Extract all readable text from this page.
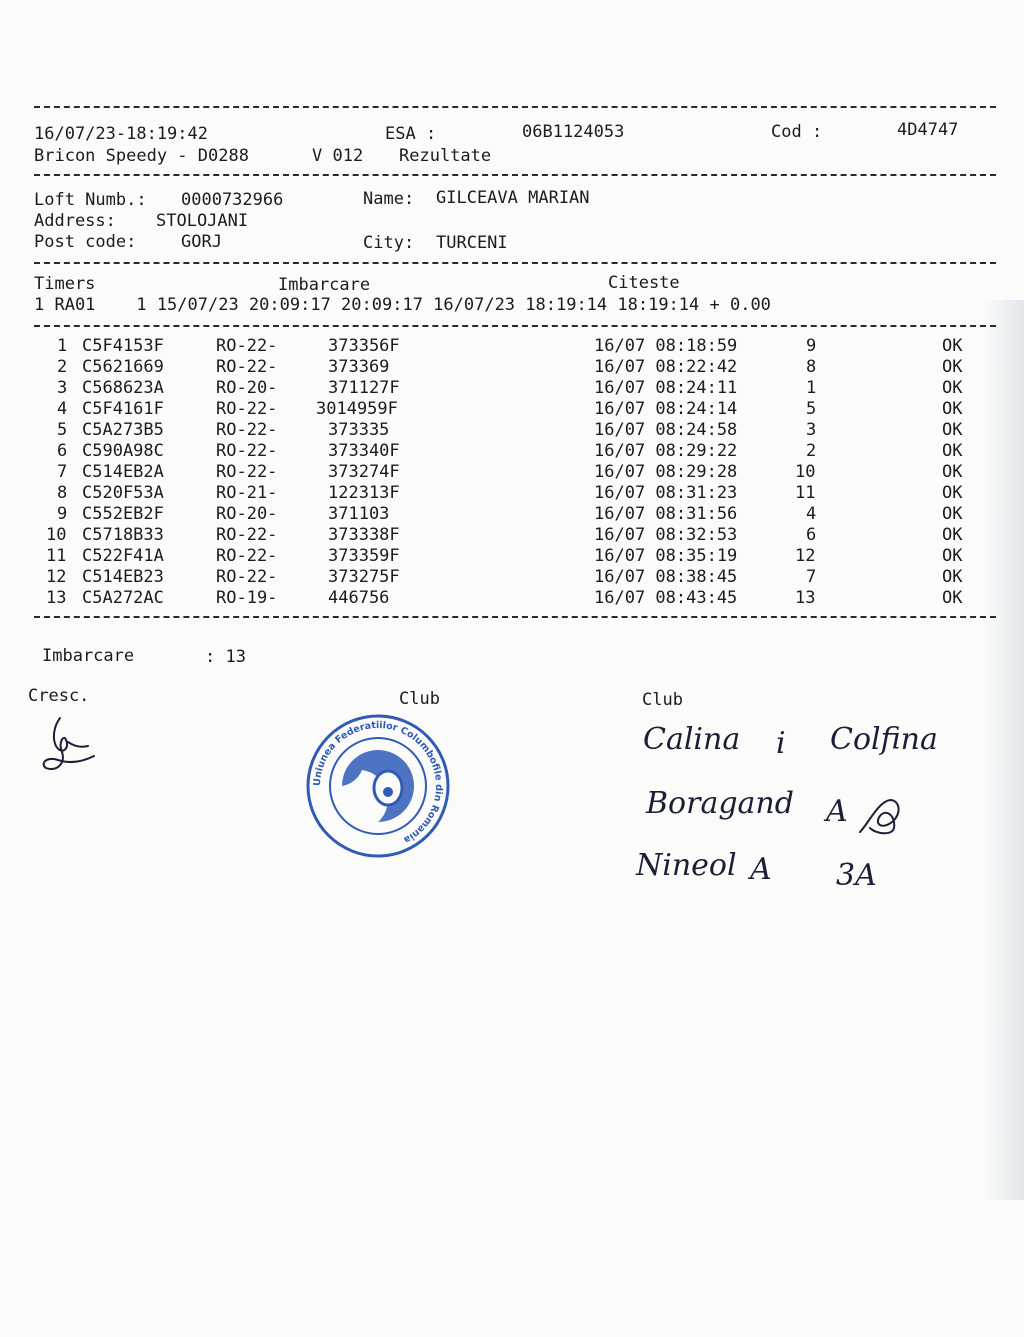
16/07/23-18:19:42	ESA :	06B1124053	Cod :	4D4747
Bricon Speedy - D0288	V 012 Rezultate
Loft Numb.: 0000732966	Name: GILCEAVA MARIAN
Address: STOLOJANI
Post code:	GORJ	City: TURCENI
Timers	Imbarcare	Citeste
1 RA01    1 15/07/23 20:09:17 20:09:17 16/07/23 18:19:14 18:19:14 + 0.00
1 C5F4153F	RO-22-	373356F	16/07 08:18:59	9	OK
2 C5621669	RO-22-	373369	16/07 08:22:42	8	OK
3 C568623A	RO-20-	371127F	16/07 08:24:11	1	OK
4 C5F4161F	RO-22- 3014959F	16/07 08:24:14	5	OK
5 C5A273B5	RO-22-	373335	16/07 08:24:58	3	OK
6 C590A98C	RO-22-	373340F	16/07 08:29:22	2	OK
7 C514EB2A	RO-22-	373274F	16/07 08:29:28	10	OK
8 C520F53A	RO-21-	122313F	16/07 08:31:23	11	OK
9 C552EB2F	RO-20-	371103	16/07 08:31:56	4	OK
10 C5718B33	RO-22-	373338F	16/07 08:32:53	6	OK
11 C522F41A	RO-22-	373359F	16/07 08:35:19	12	OK
12 C514EB23	RO-22-	373275F	16/07 08:38:45	7	OK
13 C5A272AC	RO-19-	446756	16/07 08:43:45	13	OK
Imbarcare	: 13
Cresc.	Club	Club
Uniunea Federatiilor Columbofile din Romania
Calina i Colfina
Boragand A
Nineol A 3A
